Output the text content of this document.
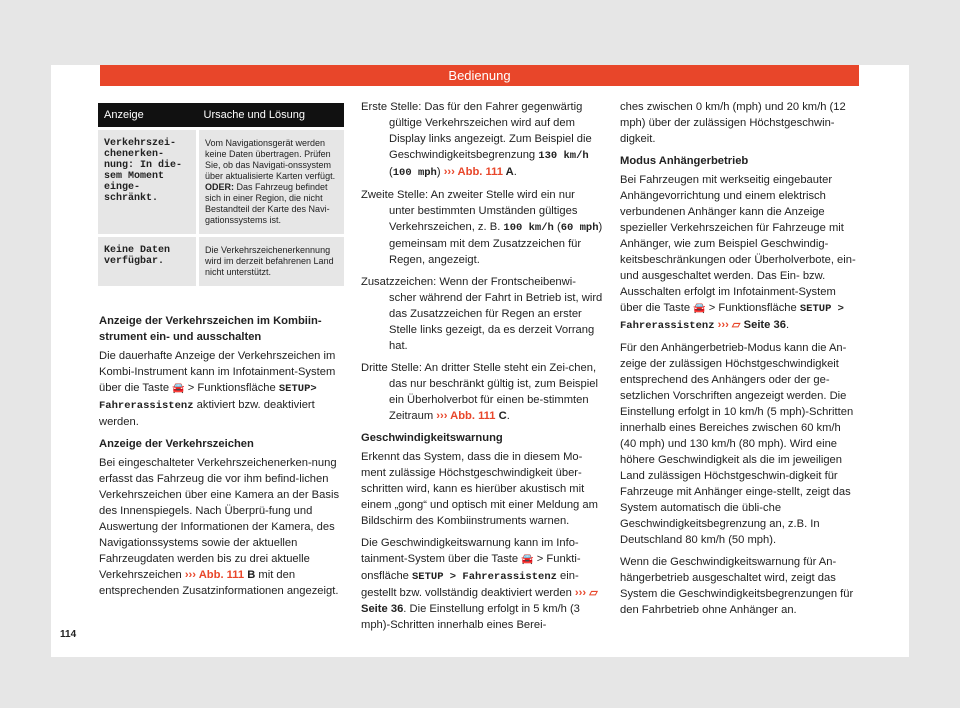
Bedienung
Anzeige	Ursache und Lösung

Verkehrszei-chenerken-nung: In die-sem Moment einge-schränkt.	Vom Navigationsgerät werden keine Daten übertragen. Prüfen Sie, ob das Navigati-onssystem über aktualisierte Karten verfügt.
ODER: Das Fahrzeug befindet sich in einer Region, die nicht Bestandteil der Karte des Navi-gationssystems ist.

Keine Daten verfügbar.	Die Verkehrszeichenerkennung wird im derzeit befahrenen Land nicht unterstützt.
Anzeige der Verkehrszeichen im Kombiin-strument ein- und ausschalten

Die dauerhafte Anzeige der Verkehrszeichen im Kombi-Instrument kann im Infotainment-System über die Taste 🚘 > Funktionsfläche SETUP> Fahrerassistenz aktiviert bzw. deaktiviert werden.

Anzeige der Verkehrszeichen

Bei eingeschalteter Verkehrszeichenerken-nung erfasst das Fahrzeug die vor ihm befind-lichen Verkehrszeichen über eine Kamera an der Basis des Innenspiegels. Nach Überprü-fung und Auswertung der Informationen der Kamera, des Navigationssystems sowie der aktuellen Fahrzeugdaten werden bis zu drei aktuelle Verkehrszeichen ››› Abb. 111 B mit den entsprechenden Zusatzinformationen angezeigt.

Erste Stelle: Das für den Fahrer gegenwärtig gültige Verkehrszeichen wird auf dem Display links angezeigt. Zum Beispiel die Geschwindigkeitsbegrenzung 130 km/h (100 mph) ››› Abb. 111 A.

Zweite Stelle: An zweiter Stelle wird ein nur unter bestimmten Umständen gültiges Verkehrszeichen, z. B. 100 km/h (60 mph) gemeinsam mit dem Zusatzzeichen für Regen, angezeigt.

Zusatzzeichen: Wenn der Frontscheibenwi-scher während der Fahrt in Betrieb ist, wird das Zusatzzeichen für Regen an erster Stelle links gezeigt, da es derzeit Vorrang hat.

Dritte Stelle: An dritter Stelle steht ein Zei-chen, das nur beschränkt gültig ist, zum Beispiel ein Überholverbot für einen be-stimmten Zeitraum ››› Abb. 111 C.

Geschwindigkeitswarnung

Erkennt das System, dass die in diesem Mo-ment zulässige Höchstgeschwindigkeit über-schritten wird, kann es hierüber akustisch mit einem „gong“ und optisch mit einer Meldung am Bildschirm des Kombiinstruments warnen.

Die Geschwindigkeitswarnung kann im Info-tainment-System über die Taste 🚘 > Funkti-onsfläche SETUP > Fahrerassistenz ein-gestellt bzw. vollständig deaktiviert werden ››› ▱ Seite 36. Die Einstellung erfolgt in 5 km/h (3 mph)-Schritten innerhalb eines Berei-

ches zwischen 0 km/h (mph) und 20 km/h (12 mph) über der zulässigen Höchstgeschwin-digkeit.

Modus Anhängerbetrieb

Bei Fahrzeugen mit werkseitig eingebauter Anhängevorrichtung und einem elektrisch verbundenen Anhänger kann die Anzeige spezieller Verkehrszeichen für Fahrzeuge mit Anhänger, wie zum Beispiel Geschwindig-keitsbeschränkungen oder Überholverbote, ein- und ausgeschaltet werden. Das Ein- bzw. Ausschalten erfolgt im Infotainment-System über die Taste 🚘 > Funktionsfläche SETUP > Fahrerassistenz ››› ▱ Seite 36.

Für den Anhängerbetrieb-Modus kann die An-zeige der zulässigen Höchstgeschwindigkeit entsprechend des Anhängers oder der ge-setzlichen Vorschriften angezeigt werden. Die Einstellung erfolgt in 10 km/h (5 mph)-Schritten innerhalb eines Bereiches zwischen 60 km/h (40 mph) und 130 km/h (80 mph). Wird eine höhere Geschwindigkeit als die im jeweiligen Land zulässigen Höchstgeschwin-digkeit für Fahrzeuge mit Anhänger einge-stellt, zeigt das System automatisch die übli-che Geschwindigkeitsbegrenzung an, z.B. In Deutschland 80 km/h (50 mph).

Wenn die Geschwindigkeitswarnung für An-hängerbetrieb ausgeschaltet wird, zeigt das System die Geschwindigkeitsbegrenzungen für den Fahrbetrieb ohne Anhänger an.

114
